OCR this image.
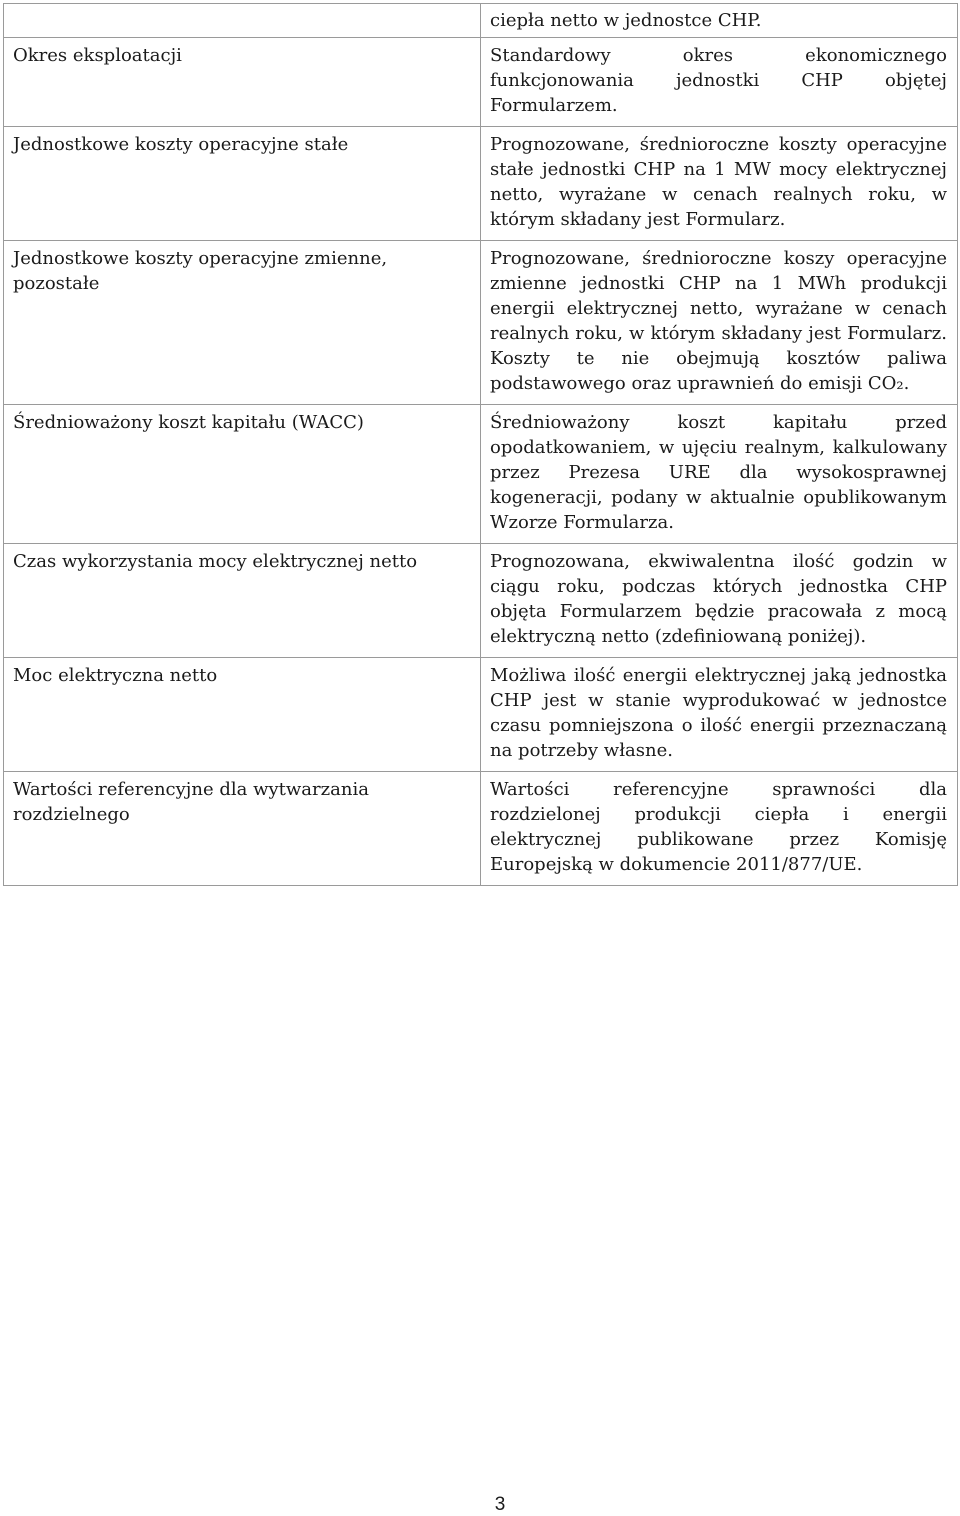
	ciepła netto w jednostce CHP.
Okres eksploatacji	Standardowy okres ekonomicznego funkcjonowania jednostki CHP objętej Formularzem.
Jednostkowe koszty operacyjne stałe	Prognozowane, średnioroczne koszty operacyjne stałe jednostki CHP na 1 MW mocy elektrycznej netto, wyrażane w cenach realnych roku, w którym składany jest Formularz.
Jednostkowe koszty operacyjne zmienne, pozostałe	Prognozowane, średnioroczne koszy operacyjne zmienne jednostki CHP na 1 MWh produkcji energii elektrycznej netto, wyrażane w cenach realnych roku, w którym składany jest Formularz. Koszty te nie obejmują kosztów paliwa podstawowego oraz uprawnień do emisji CO₂.
Średnioważony koszt kapitału (WACC)	Średnioważony koszt kapitału przed opodatkowaniem, w ujęciu realnym, kalkulowany przez Prezesa URE dla wysokosprawnej kogeneracji, podany w aktualnie opublikowanym Wzorze Formularza.
Czas wykorzystania mocy elektrycznej netto	Prognozowana, ekwiwalentna ilość godzin w ciągu roku, podczas których jednostka CHP objęta Formularzem będzie pracowała z mocą elektryczną netto (zdefiniowaną poniżej).
Moc elektryczna netto	Możliwa ilość energii elektrycznej jaką jednostka CHP jest w stanie wyprodukować w jednostce czasu pomniejszona o ilość energii przeznaczaną na potrzeby własne.
Wartości referencyjne dla wytwarzania rozdzielnego	Wartości referencyjne sprawności dla rozdzielonej produkcji ciepła i energii elektrycznej publikowane przez Komisję Europejską w dokumencie 2011/877/UE.
3
